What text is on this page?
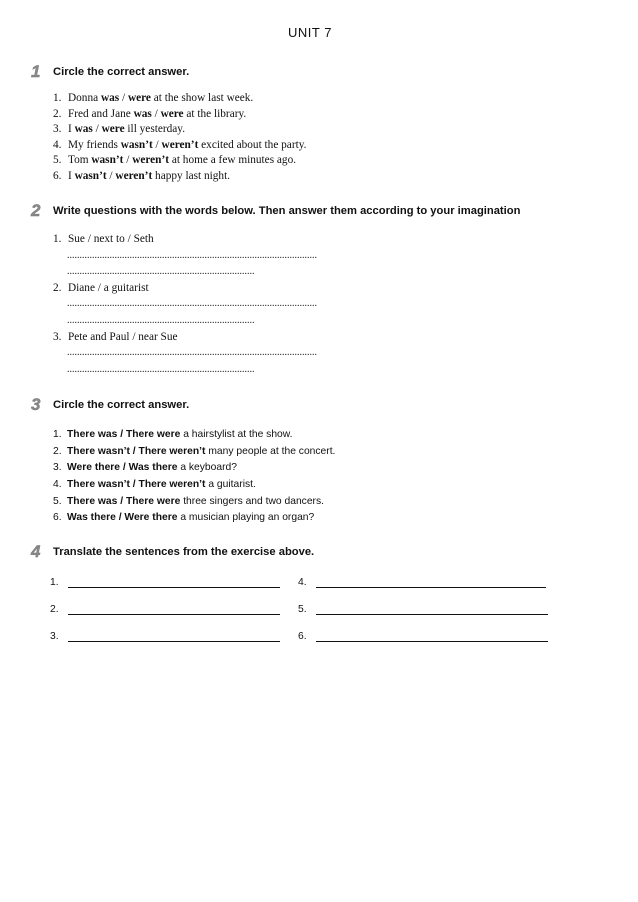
UNIT 7
1	Circle the correct answer.
1. Donna was / were at the show last week.
2. Fred and Jane was / were at the library.
3. I was / were ill yesterday.
4. My friends wasn’t / weren’t excited about the party.
5. Tom wasn’t / weren’t at home a few minutes ago.
6. I wasn’t / weren’t happy last night.
2	Write questions with the words below. Then answer them according to your imagination
1. Sue / next to / Seth
....................................................................................................
...........................................................................
2. Diane / a guitarist
....................................................................................................
...........................................................................
3. Pete and Paul / near Sue
....................................................................................................
...........................................................................
3	Circle the correct answer.
1. There was / There were a hairstylist at the show.
2. There wasn’t / There weren’t many people at the concert.
3. Were there / Was there a keyboard?
4. There wasn’t / There weren’t a guitarist.
5. There was / There were three singers and two dancers.
6. Was there / Were there a musician playing an organ?
4	Translate the sentences from the exercise above.
1.
2.
3.
4.
5.
6.
